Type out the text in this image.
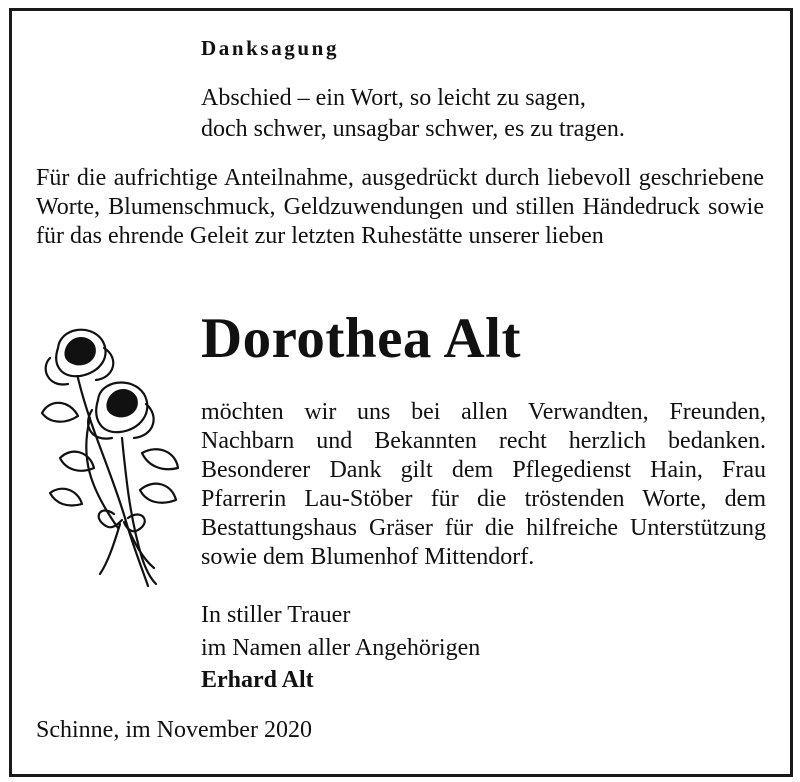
Danksagung
Abschied – ein Wort, so leicht zu sagen,
doch schwer, unsagbar schwer, es zu tragen.
Für die aufrichtige Anteilnahme, ausgedrückt durch liebevoll geschriebene Worte, Blumenschmuck, Geldzuwendungen und stillen Händedruck sowie für das ehrende Geleit zur letzten Ruhestätte unserer lieben
Dorothea Alt
möchten wir uns bei allen Verwandten, Freunden, Nachbarn und Bekannten recht herzlich bedanken. Besonderer Dank gilt dem Pflegedienst Hain, Frau Pfarrerin Lau-Stöber für die tröstenden Worte, dem Bestattungshaus Gräser für die hilfreiche Unterstützung sowie dem Blumenhof Mittendorf.
In stiller Trauer
im Namen aller Angehörigen
Erhard Alt
Schinne, im November 2020
